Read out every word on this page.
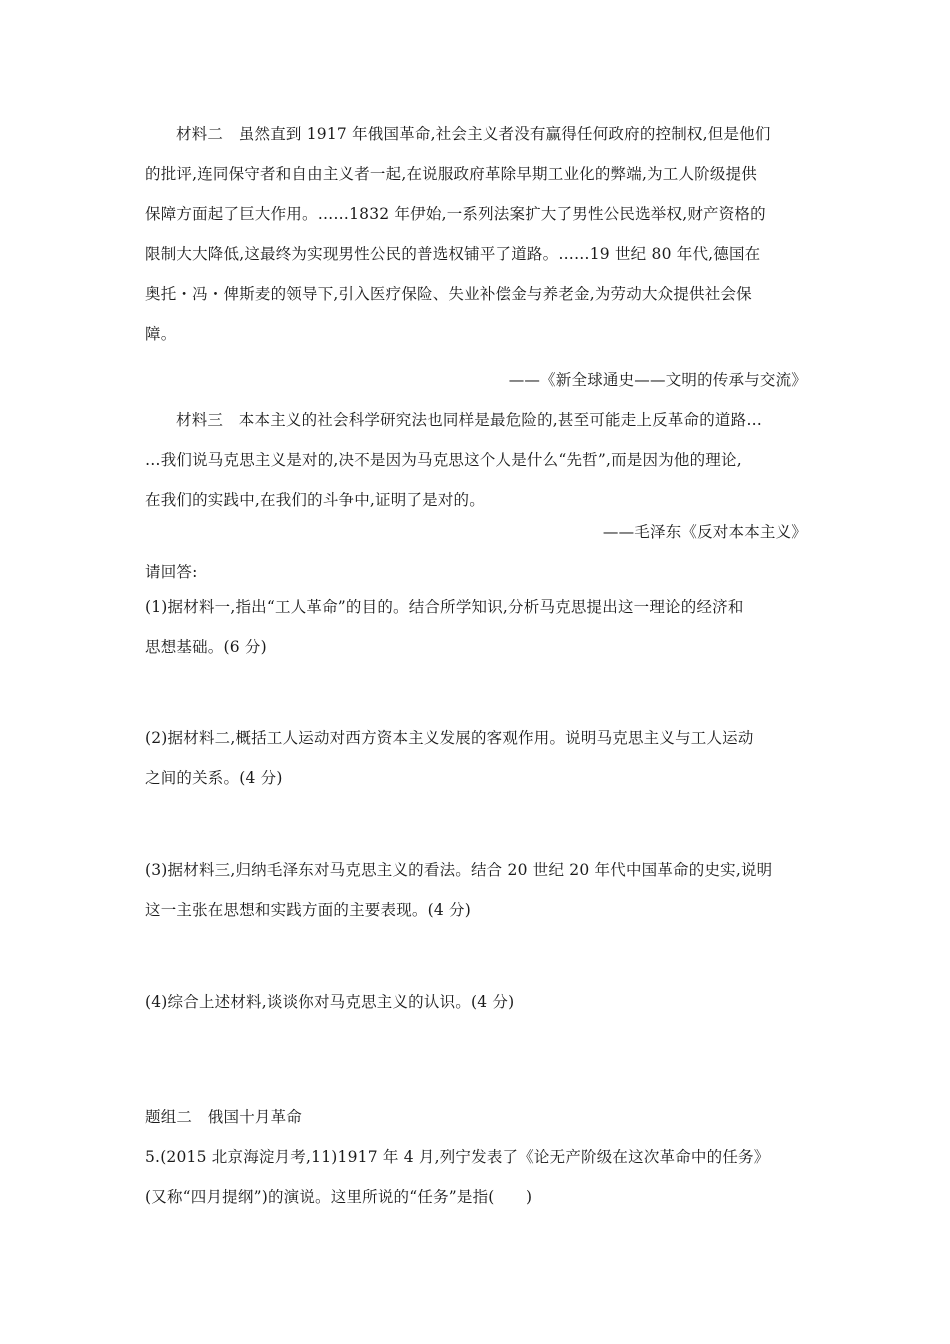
材料二　虽然直到 1917 年俄国革命,社会主义者没有赢得任何政府的控制权,但是他们
的批评,连同保守者和自由主义者一起,在说服政府革除早期工业化的弊端,为工人阶级提供
保障方面起了巨大作用。……1832 年伊始,一系列法案扩大了男性公民选举权,财产资格的
限制大大降低,这最终为实现男性公民的普选权铺平了道路。……19 世纪 80 年代,德国在
奥托・冯・俾斯麦的领导下,引入医疗保险、失业补偿金与养老金,为劳动大众提供社会保
障。
——《新全球通史——文明的传承与交流》
材料三　本本主义的社会科学研究法也同样是最危险的,甚至可能走上反革命的道路…
…我们说马克思主义是对的,决不是因为马克思这个人是什么“先哲”,而是因为他的理论,
在我们的实践中,在我们的斗争中,证明了是对的。
——毛泽东《反对本本主义》
请回答:
(1)据材料一,指出“工人革命”的目的。结合所学知识,分析马克思提出这一理论的经济和
思想基础。(6 分)
(2)据材料二,概括工人运动对西方资本主义发展的客观作用。说明马克思主义与工人运动
之间的关系。(4 分)
(3)据材料三,归纳毛泽东对马克思主义的看法。结合 20 世纪 20 年代中国革命的史实,说明
这一主张在思想和实践方面的主要表现。(4 分)
(4)综合上述材料,谈谈你对马克思主义的认识。(4 分)
题组二　俄国十月革命
5.(2015 北京海淀月考,11)1917 年 4 月,列宁发表了《论无产阶级在这次革命中的任务》
(又称“四月提纲”)的演说。这里所说的“任务”是指(　　)
